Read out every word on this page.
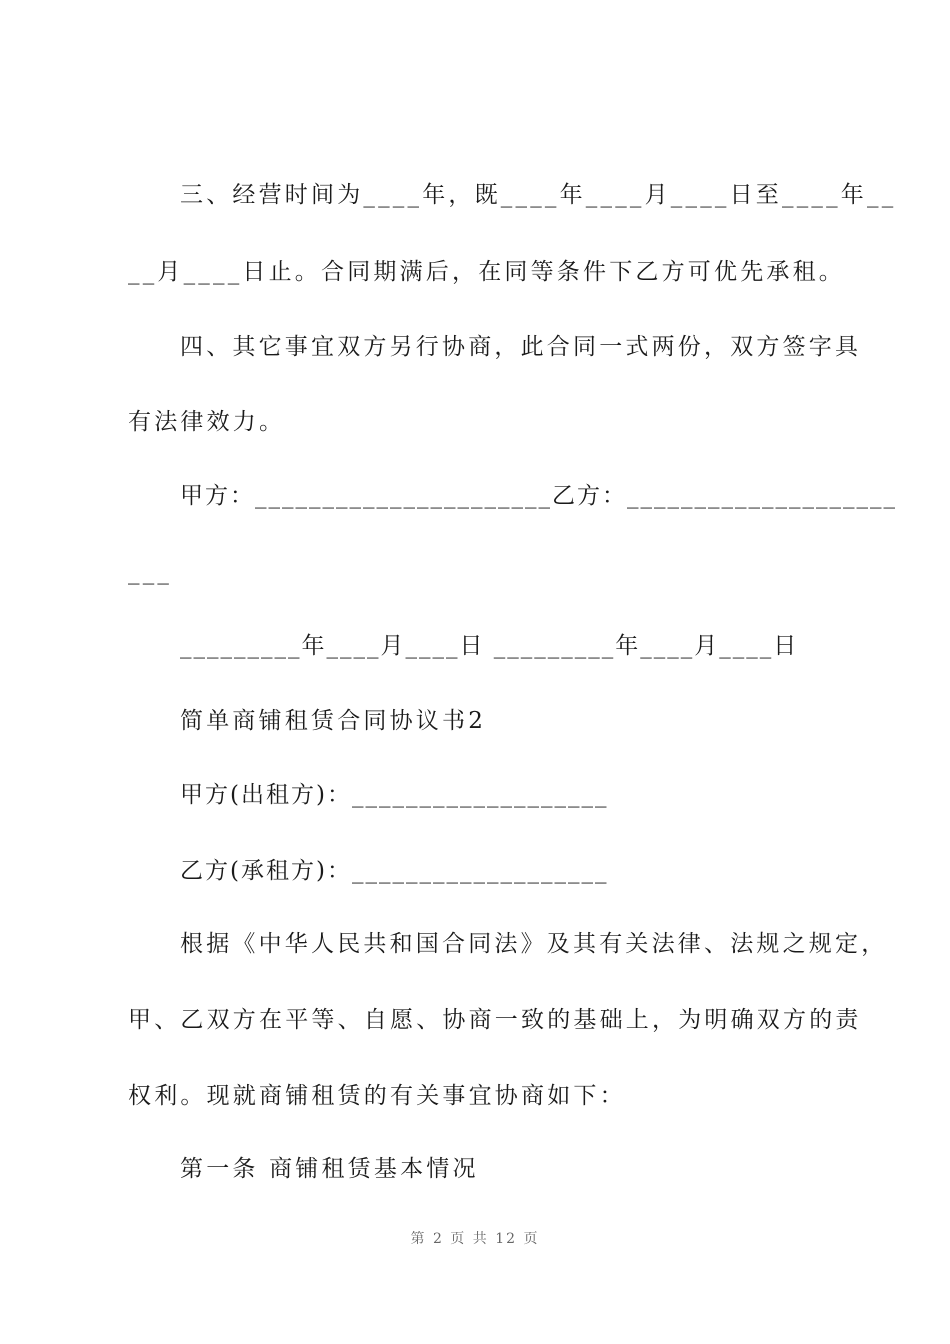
三、经营时间为____年，既____年____月____日至____年__
__月____日止。合同期满后，在同等条件下乙方可优先承租。
四、其它事宜双方另行协商，此合同一式两份，双方签字具
有法律效力。
甲方：______________________乙方：____________________
___
_________年____月____日 _________年____月____日
简单商铺租赁合同协议书2
甲方(出租方)：___________________
乙方(承租方)：___________________
根据《中华人民共和国合同法》及其有关法律、法规之规定，
甲、乙双方在平等、自愿、协商一致的基础上，为明确双方的责
权利。现就商铺租赁的有关事宜协商如下：
第一条 商铺租赁基本情况
第 2 页 共 12 页
